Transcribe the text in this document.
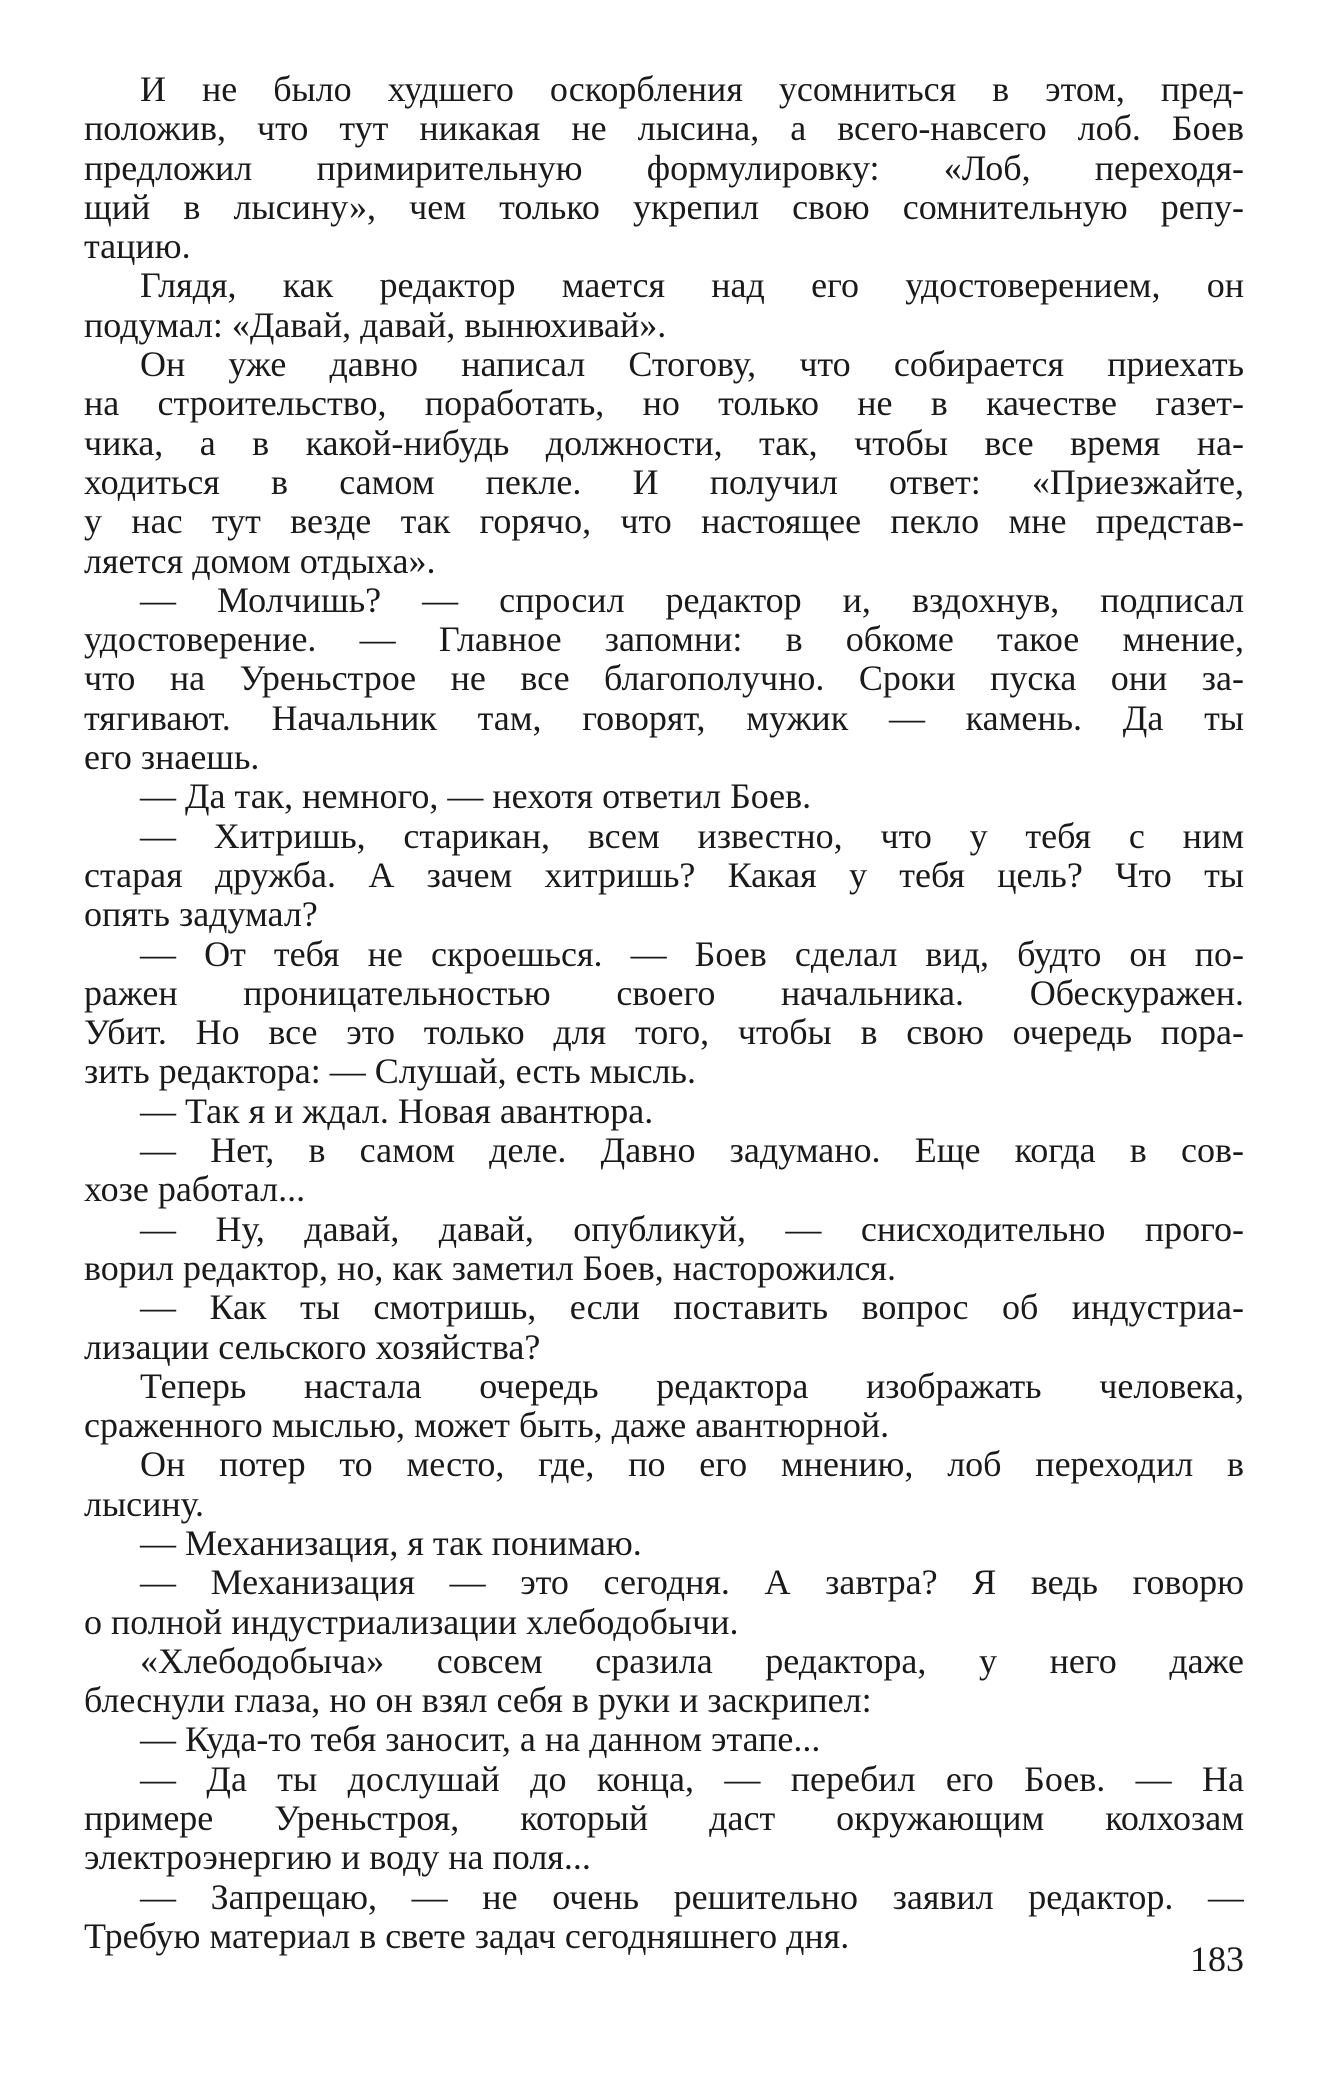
И не было худшего оскорбления усомниться в этом, пред-
положив, что тут никакая не лысина, а всего-навсего лоб. Боев
предложил примирительную формулировку: «Лоб, переходя-
щий в лысину», чем только укрепил свою сомнительную репу-
тацию.
Глядя, как редактор мается над его удостоверением, он
подумал: «Давай, давай, вынюхивай».
Он уже давно написал Стогову, что собирается приехать
на строительство, поработать, но только не в качестве газет-
чика, а в какой-нибудь должности, так, чтобы все время на-
ходиться в самом пекле. И получил ответ: «Приезжайте,
у нас тут везде так горячо, что настоящее пекло мне представ-
ляется домом отдыха».
— Молчишь? — спросил редактор и, вздохнув, подписал
удостоверение. — Главное запомни: в обкоме такое мнение,
что на Уреньстрое не все благополучно. Сроки пуска они за-
тягивают. Начальник там, говорят, мужик — камень. Да ты
его знаешь.
— Да так, немного, — нехотя ответил Боев.
— Хитришь, старикан, всем известно, что у тебя с ним
старая дружба. А зачем хитришь? Какая у тебя цель? Что ты
опять задумал?
— От тебя не скроешься. — Боев сделал вид, будто он по-
ражен проницательностью своего начальника. Обескуражен.
Убит. Но все это только для того, чтобы в свою очередь пора-
зить редактора: — Слушай, есть мысль.
— Так я и ждал. Новая авантюра.
— Нет, в самом деле. Давно задумано. Еще когда в сов-
хозе работал...
— Ну, давай, давай, опубликуй, — снисходительно прого-
ворил редактор, но, как заметил Боев, насторожился.
— Как ты смотришь, если поставить вопрос об индустриа-
лизации сельского хозяйства?
Теперь настала очередь редактора изображать человека,
сраженного мыслью, может быть, даже авантюрной.
Он потер то место, где, по его мнению, лоб переходил в
лысину.
— Механизация, я так понимаю.
— Механизация — это сегодня. А завтра? Я ведь говорю
о полной индустриализации хлебодобычи.
«Хлебодобыча» совсем сразила редактора, у него даже
блеснули глаза, но он взял себя в руки и заскрипел:
— Куда-то тебя заносит, а на данном этапе...
— Да ты дослушай до конца, — перебил его Боев. — На
примере Уреньстроя, который даст окружающим колхозам
электроэнергию и воду на поля...
— Запрещаю, — не очень решительно заявил редактор. —
Требую материал в свете задач сегодняшнего дня.
183
